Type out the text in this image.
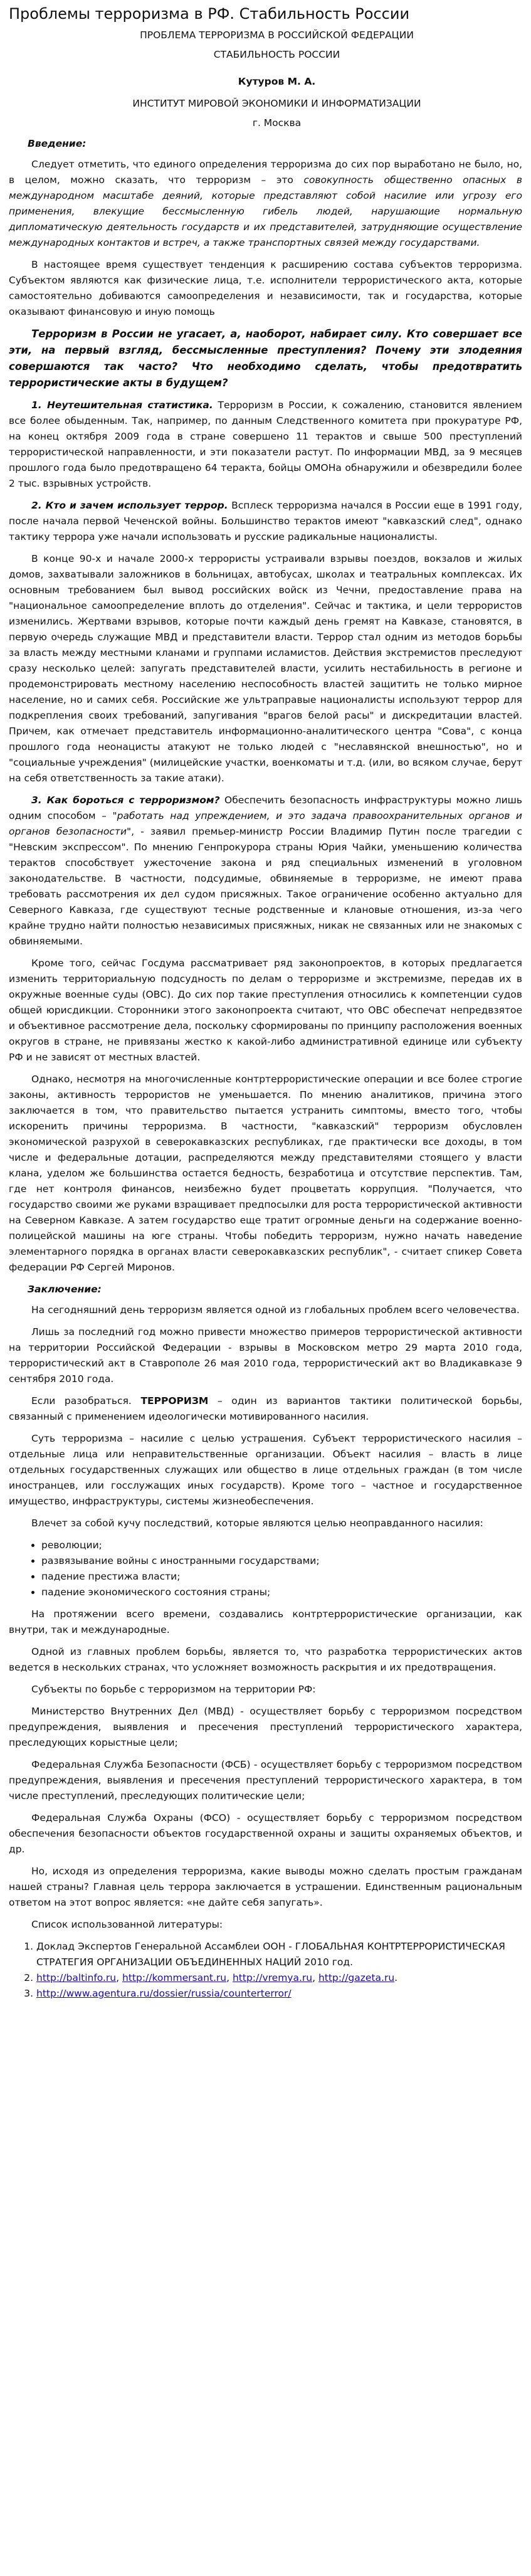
Проблемы терроризма в РФ. Стабильность России

ПРОБЛЕМА ТЕРРОРИЗМА В РОССИЙСКОЙ ФЕДЕРАЦИИ

СТАБИЛЬНОСТЬ РОССИИ

Кутуров М. А.

ИНСТИТУТ МИРОВОЙ ЭКОНОМИКИ И ИНФОРМАТИЗАЦИИ

г. Москва

Введение:

Следует отметить, что единого определения терроризма до сих пор выработано не было, но, в целом, можно сказать, что терроризм – это совокупность общественно опасных в международном масштабе деяний, которые представляют собой насилие или угрозу его применения, влекущие бессмысленную гибель людей, нарушающие нормальную дипломатическую деятельность государств и их представителей, затрудняющие осуществление международных контактов и встреч, а также транспортных связей между государствами.

В настоящее время существует тенденция к расширению состава субъектов терроризма. Субъектом являются как физические лица, т.е. исполнители террористического акта, которые самостоятельно добиваются самоопределения и независимости, так и государства, которые оказывают финансовую и иную помощь

Терроризм в России не угасает, а, наоборот, набирает силу. Кто совершает все эти, на первый взгляд, бессмысленные преступления? Почему эти злодеяния совершаются так часто? Что необходимо сделать, чтобы предотвратить террористические акты в будущем?

1. Неутешительная статистика. Терроризм в России, к сожалению, становится явлением все более обыденным. Так, например, по данным Следственного комитета при прокуратуре РФ, на конец октября 2009 года в стране совершено 11 терактов и свыше 500 преступлений террористической направленности, и эти показатели растут. По информации МВД, за 9 месяцев прошлого года было предотвращено 64 теракта, бойцы ОМОНа обнаружили и обезвредили более 2 тыс. взрывных устройств.

2. Кто и зачем использует террор. Всплеск терроризма начался в России еще в 1991 году, после начала первой Чеченской войны. Большинство терактов имеют "кавказский след", однако тактику террора уже начали использовать и русские радикальные националисты.

В конце 90-х и начале 2000-х террористы устраивали взрывы поездов, вокзалов и жилых домов, захватывали заложников в больницах, автобусах, школах и театральных комплексах. Их основным требованием был вывод российских войск из Чечни, предоставление права на "национальное самоопределение вплоть до отделения". Сейчас и тактика, и цели террористов изменились. Жертвами взрывов, которые почти каждый день гремят на Кавказе, становятся, в первую очередь служащие МВД и представители власти. Террор стал одним из методов борьбы за власть между местными кланами и группами исламистов. Действия экстремистов преследуют сразу несколько целей: запугать представителей власти, усилить нестабильность в регионе и продемонстрировать местному населению неспособность властей защитить не только мирное население, но и самих себя. Российские же ультраправые националисты используют террор для подкрепления своих требований, запугивания "врагов белой расы" и дискредитации властей. Причем, как отмечает представитель информационно-аналитического центра "Сова", с конца прошлого года неонацисты атакуют не только людей с "неславянской внешностью", но и "социальные учреждения" (милицейские участки, военкоматы и т.д. (или, во всяком случае, берут на себя ответственность за такие атаки).

3. Как бороться с терроризмом? Обеспечить безопасность инфраструктуры можно лишь одним способом – "работать над упреждением, и это задача правоохранительных органов и органов безопасности", - заявил премьер-министр России Владимир Путин после трагедии с "Невским экспрессом". По мнению Генпрокурора страны Юрия Чайки, уменьшению количества терактов способствует ужесточение закона и ряд специальных изменений в уголовном законодательстве. В частности, подсудимые, обвиняемые в терроризме, не имеют права требовать рассмотрения их дел судом присяжных. Такое ограничение особенно актуально для Северного Кавказа, где существуют тесные родственные и клановые отношения, из-за чего крайне трудно найти полностью независимых присяжных, никак не связанных или не знакомых с обвиняемыми.

Кроме того, сейчас Госдума рассматривает ряд законопроектов, в которых предлагается изменить территориальную подсудность по делам о терроризме и экстремизме, передав их в окружные военные суды (ОВС). До сих пор такие преступления относились к компетенции судов общей юрисдикции. Сторонники этого законопроекта считают, что ОВС обеспечат непредвзятое и объективное рассмотрение дела, поскольку сформированы по принципу расположения военных округов в стране, не привязаны жестко к какой-либо административной единице или субъекту РФ и не зависят от местных властей.

Однако, несмотря на многочисленные контртеррористические операции и все более строгие законы, активность террористов не уменьшается. По мнению аналитиков, причина этого заключается в том, что правительство пытается устранить симптомы, вместо того, чтобы искоренить причины терроризма. В частности, "кавказский" терроризм обусловлен экономической разрухой в северокавказских республиках, где практически все доходы, в том числе и федеральные дотации, распределяются между представителями стоящего у власти клана, уделом же большинства остается бедность, безработица и отсутствие перспектив. Там, где нет контроля финансов, неизбежно будет процветать коррупция. "Получается, что государство своими же руками взращивает предпосылки для роста террористической активности на Северном Кавказе. А затем государство еще тратит огромные деньги на содержание военно-полицейской машины на юге страны. Чтобы победить терроризм, нужно начать наведение элементарного порядка в органах власти северокавказских республик", - считает спикер Совета федерации РФ Сергей Миронов.

Заключение:

На сегодняшний день терроризм является одной из глобальных проблем всего человечества.

Лишь за последний год можно привести множество примеров террористической активности на территории Российской Федерации - взрывы в Московском метро 29 марта 2010 года, террористический акт в Ставрополе 26 мая 2010 года, террористический акт во Владикавказе 9 сентября 2010 года.

Если разобраться. ТЕРРОРИЗМ – один из вариантов тактики политической борьбы, связанный с применением идеологически мотивированного насилия.

Суть терроризма – насилие с целью устрашения. Субъект террористического насилия – отдельные лица или неправительственные организации. Объект насилия – власть в лице отдельных государственных служащих или общество в лице отдельных граждан (в том числе иностранцев, или госслужащих иных государств). Кроме того – частное и государственное имущество, инфраструктуры, системы жизнеобеспечения.

Влечет за собой кучу последствий, которые являются целью неоправданного насилия:

• революции;
• развязывание войны с иностранными государствами;
• падение престижа власти;
• падение экономического состояния страны;

На протяжении всего времени, создавались контртеррористические организации, как внутри, так и международные.

Одной из главных проблем борьбы, является то, что разработка террористических актов ведется в нескольких странах, что усложняет возможность раскрытия и их предотвращения.

Субъекты по борьбе с терроризмом на территории РФ:

Министерство Внутренних Дел (МВД) - осуществляет борьбу с терроризмом посредством предупреждения, выявления и пресечения преступлений террористического характера, преследующих корыстные цели;

Федеральная Служба Безопасности (ФСБ) - осуществляет борьбу с терроризмом посредством предупреждения, выявления и пресечения преступлений террористического характера, в том числе преступлений, преследующих политические цели;

Федеральная Служба Охраны (ФСО) - осуществляет борьбу с терроризмом посредством обеспечения безопасности объектов государственной охраны и защиты охраняемых объектов, и др.

Но, исходя из определения терроризма, какие выводы можно сделать простым гражданам нашей страны? Главная цель террора заключается в устрашении. Единственным рациональным ответом на этот вопрос является: «не дайте себя запугать».

Список использованной литературы:

1. Доклад Экспертов Генеральной Ассамблеи ООН - ГЛОБАЛЬНАЯ КОНТРТЕРРОРИСТИЧЕСКАЯ СТРАТЕГИЯ ОРГАНИЗАЦИИ ОБЪЕДИНЕННЫХ НАЦИЙ 2010 год.
2. http://baltinfo.ru, http://kommersant.ru, http://vremya.ru, http://gazeta.ru.
3. http://www.agentura.ru/dossier/russia/counterterror/
